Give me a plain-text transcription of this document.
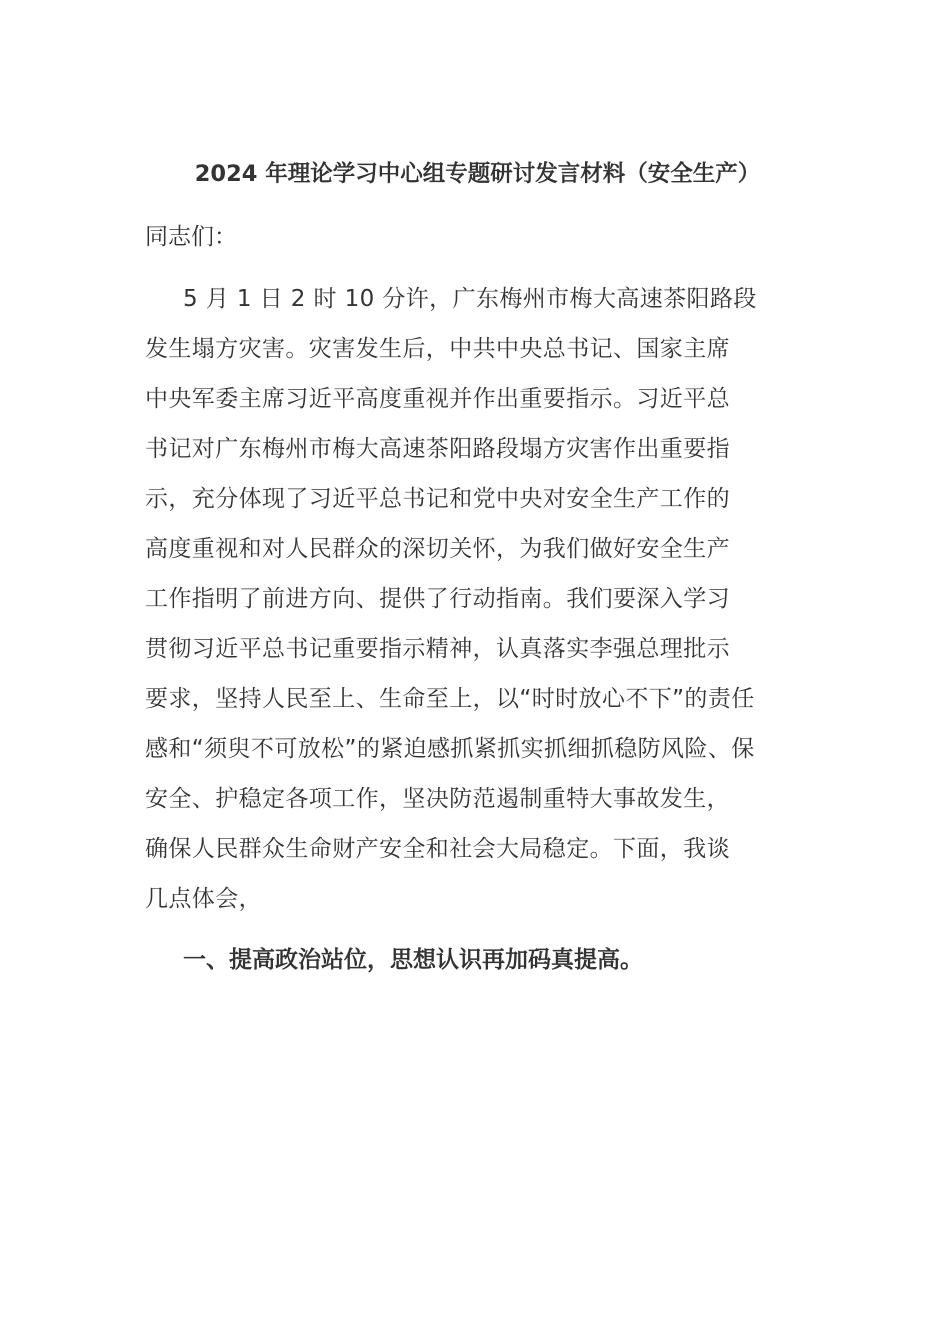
2024 年理论学习中心组专题研讨发言材料（安全生产）
同志们：
5 月 1 日 2 时 10 分许，广东梅州市梅大高速茶阳路段
发生塌方灾害。灾害发生后，中共中央总书记、国家主席
中央军委主席习近平高度重视并作出重要指示。习近平总
书记对广东梅州市梅大高速茶阳路段塌方灾害作出重要指
示，充分体现了习近平总书记和党中央对安全生产工作的
高度重视和对人民群众的深切关怀，为我们做好安全生产
工作指明了前进方向、提供了行动指南。我们要深入学习
贯彻习近平总书记重要指示精神，认真落实李强总理批示
要求，坚持人民至上、生命至上，以“时时放心不下”的责任
感和“须臾不可放松”的紧迫感抓紧抓实抓细抓稳防风险、保
安全、护稳定各项工作，坚决防范遏制重特大事故发生，
确保人民群众生命财产安全和社会大局稳定。下面，我谈
几点体会，
一、提高政治站位，思想认识再加码真提高。
